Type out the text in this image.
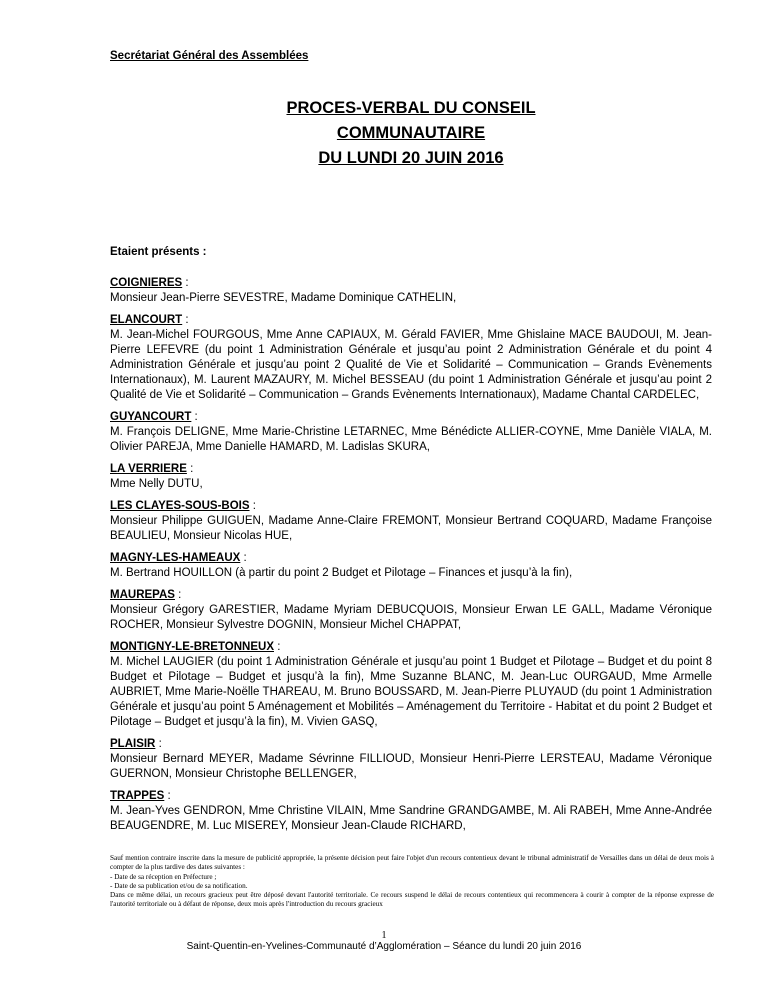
Secrétariat Général des Assemblées
PROCES-VERBAL DU CONSEIL
COMMUNAUTAIRE
DU LUNDI 20 JUIN 2016
Etaient présents :

COIGNIERES :

Monsieur Jean-Pierre SEVESTRE, Madame Dominique CATHELIN,

ELANCOURT :

M. Jean-Michel FOURGOUS, Mme Anne CAPIAUX, M. Gérald FAVIER, Mme Ghislaine MACE BAUDOUI, M. Jean-Pierre LEFEVRE (du point 1 Administration Générale et jusqu’au point 2 Administration Générale et du point 4 Administration Générale et jusqu’au point 2 Qualité de Vie et Solidarité – Communication – Grands Evènements Internationaux), M. Laurent MAZAURY, M. Michel BESSEAU (du point 1 Administration Générale et jusqu’au point 2 Qualité de Vie et Solidarité – Communication – Grands Evènements Internationaux), Madame Chantal CARDELEC,

GUYANCOURT :

M. François DELIGNE, Mme Marie-Christine LETARNEC, Mme Bénédicte ALLIER-COYNE, Mme Danièle VIALA, M. Olivier PAREJA, Mme Danielle HAMARD, M. Ladislas SKURA,

LA VERRIERE :

Mme Nelly DUTU,

LES CLAYES-SOUS-BOIS :

Monsieur Philippe GUIGUEN, Madame Anne-Claire FREMONT, Monsieur Bertrand COQUARD, Madame Françoise BEAULIEU, Monsieur Nicolas HUE,

MAGNY-LES-HAMEAUX :

M. Bertrand HOUILLON (à partir du point 2 Budget et Pilotage – Finances et jusqu’à la fin),

MAUREPAS :

Monsieur Grégory GARESTIER, Madame Myriam DEBUCQUOIS, Monsieur Erwan LE GALL, Madame Véronique ROCHER, Monsieur Sylvestre DOGNIN, Monsieur Michel CHAPPAT,

MONTIGNY-LE-BRETONNEUX :

M. Michel LAUGIER (du point 1 Administration Générale et jusqu’au point 1 Budget et Pilotage – Budget et du point 8 Budget et Pilotage – Budget et jusqu’à la fin), Mme Suzanne BLANC, M. Jean-Luc OURGAUD, Mme Armelle AUBRIET, Mme Marie-Noëlle THAREAU, M. Bruno BOUSSARD, M. Jean-Pierre PLUYAUD (du point 1 Administration Générale et jusqu’au point 5 Aménagement et Mobilités – Aménagement du Territoire - Habitat et du point 2 Budget et Pilotage – Budget et jusqu’à la fin), M. Vivien GASQ,

PLAISIR :

Monsieur Bernard MEYER, Madame Sévrinne FILLIOUD, Monsieur Henri-Pierre LERSTEAU, Madame Véronique GUERNON, Monsieur Christophe BELLENGER,

TRAPPES :

M. Jean-Yves GENDRON, Mme Christine VILAIN, Mme Sandrine GRANDGAMBE, M. Ali RABEH, Mme Anne-Andrée BEAUGENDRE, M. Luc MISEREY, Monsieur Jean-Claude RICHARD,

Sauf mention contraire inscrite dans la mesure de publicité appropriée, la présente décision peut faire l'objet d'un recours contentieux devant le tribunal administratif de Versailles dans un délai de deux mois à compter de la plus tardive des dates suivantes :

- Date de sa réception en Préfecture ;

- Date de sa publication et/ou de sa notification.

Dans ce même délai, un recours gracieux peut être déposé devant l'autorité territoriale. Ce recours suspend le délai de recours contentieux qui recommencera à courir à compter de la réponse expresse de l'autorité territoriale ou à défaut de réponse, deux mois après l'introduction du recours gracieux

1
Saint-Quentin-en-Yvelines-Communauté d’Agglomération – Séance du lundi 20 juin 2016
